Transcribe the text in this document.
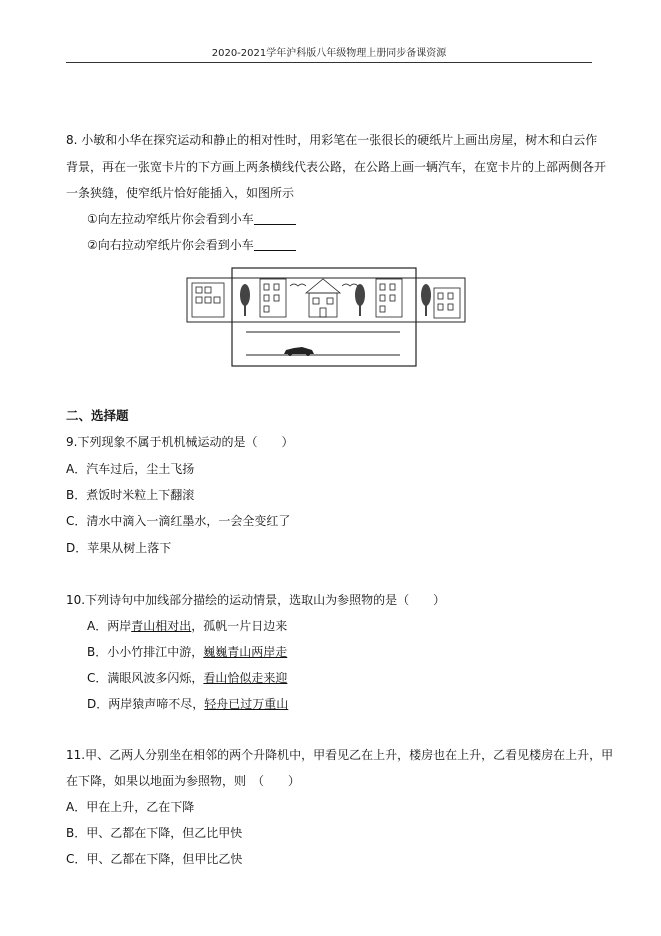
2020-2021学年沪科版八年级物理上册同步备课资源
8. 小敏和小华在探究运动和静止的相对性时，用彩笔在一张很长的硬纸片上画出房屋，树木和白云作
背景，再在一张宽卡片的下方画上两条横线代表公路，在公路上画一辆汽车，在宽卡片的上部两侧各开
一条狭缝，使窄纸片恰好能插入，如图所示
①向左拉动窄纸片你会看到小车
②向右拉动窄纸片你会看到小车
二、选择题
9.下列现象不属于机机械运动的是（　　）
A．汽车过后，尘土飞扬
B．煮饭时米粒上下翻滚
C．清水中滴入一滴红墨水，一会全变红了
D．苹果从树上落下
10.下列诗句中加线部分描绘的运动情景，选取山为参照物的是（　　）
A．两岸青山相对出，孤帆一片日边来
B．小小竹排江中游，巍巍青山两岸走
C．满眼风波多闪烁，看山恰似走来迎
D．两岸猿声啼不尽，轻舟已过万重山
11.甲、乙两人分别坐在相邻的两个升降机中，甲看见乙在上升，楼房也在上升，乙看见楼房在上升，甲
在下降，如果以地面为参照物，则　（　　）
A．甲在上升，乙在下降
B．甲、乙都在下降，但乙比甲快
C．甲、乙都在下降，但甲比乙快
